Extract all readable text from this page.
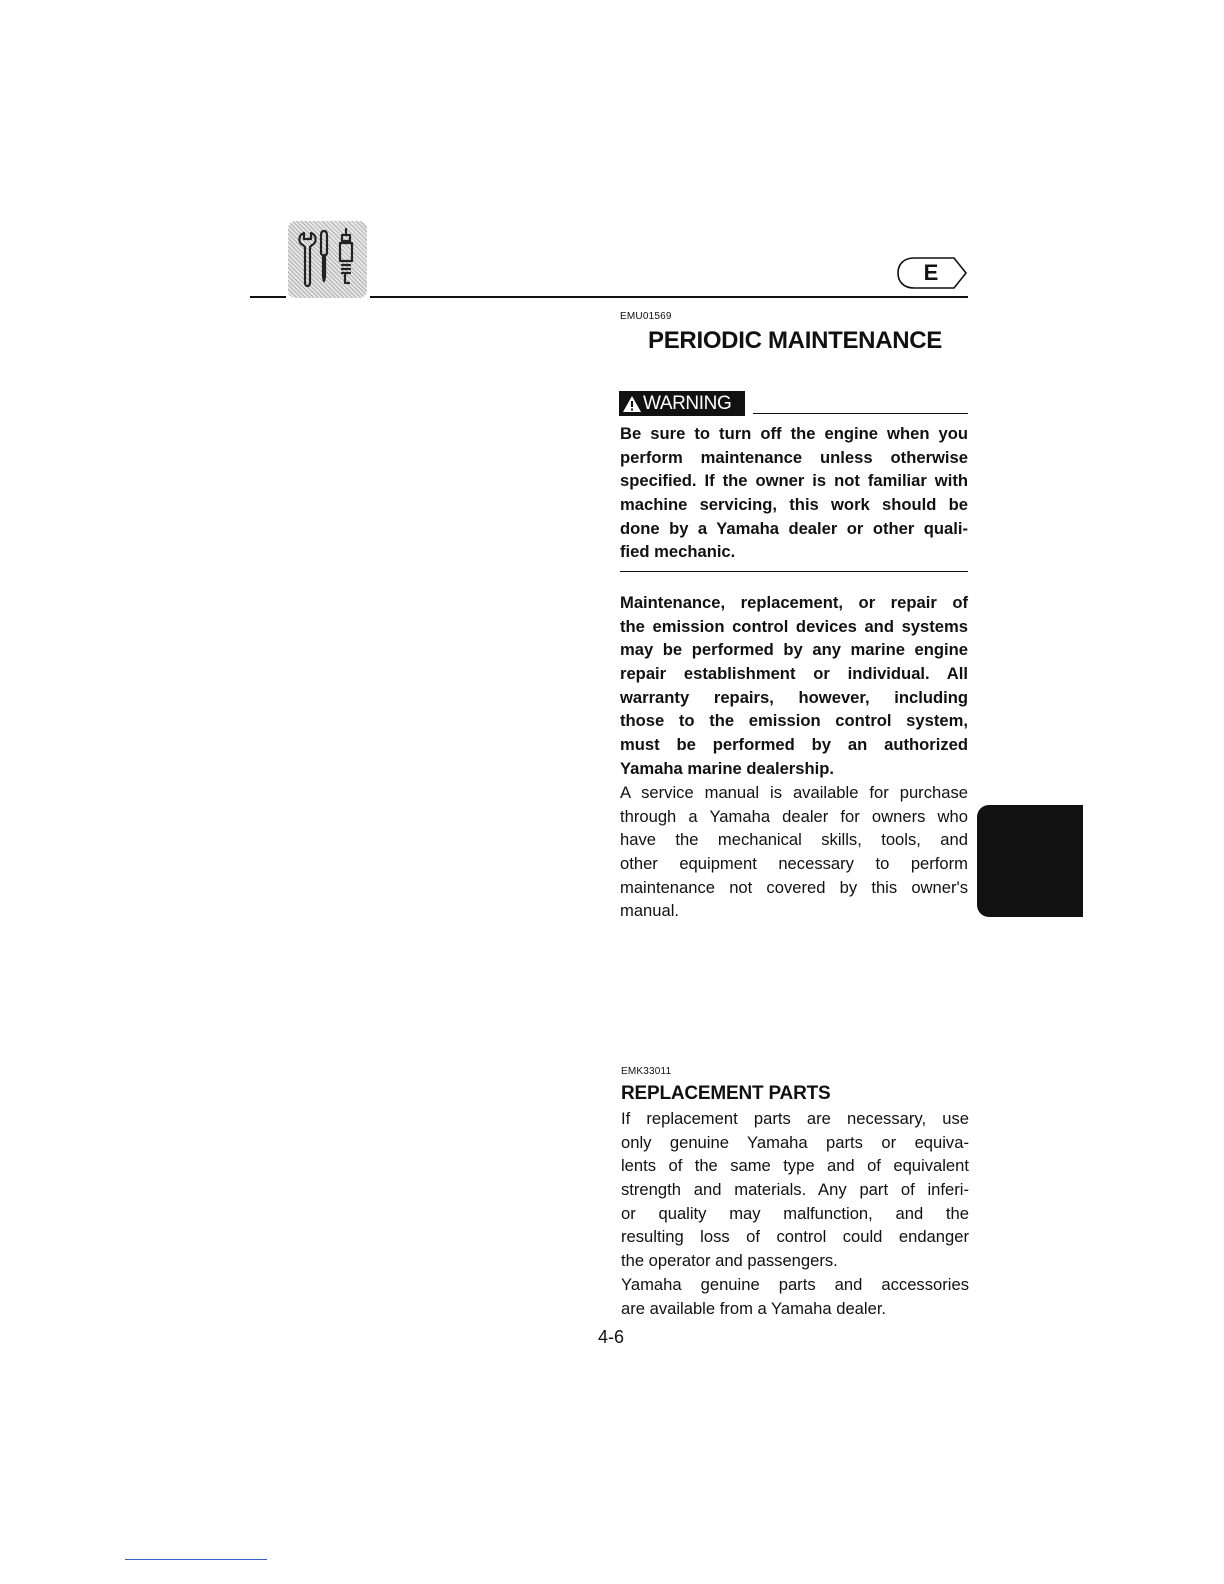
E
EMU01569
PERIODIC MAINTENANCE
WARNING
Be sure to turn off the engine when you
perform maintenance unless otherwise
specified. If the owner is not familiar with
machine servicing, this work should be
done by a Yamaha dealer or other quali-
fied mechanic.
Maintenance, replacement, or repair of
the emission control devices and systems
may be performed by any marine engine
repair establishment or individual. All
warranty repairs, however, including
those to the emission control system,
must be performed by an authorized
Yamaha marine dealership.
A service manual is available for purchase
through a Yamaha dealer for owners who
have the mechanical skills, tools, and
other equipment necessary to perform
maintenance not covered by this owner's
manual.
EMK33011
REPLACEMENT PARTS
If replacement parts are necessary, use
only genuine Yamaha parts or equiva-
lents of the same type and of equivalent
strength and materials. Any part of inferi-
or quality may malfunction, and the
resulting loss of control could endanger
the operator and passengers.
Yamaha genuine parts and accessories
are available from a Yamaha dealer.
4-6
